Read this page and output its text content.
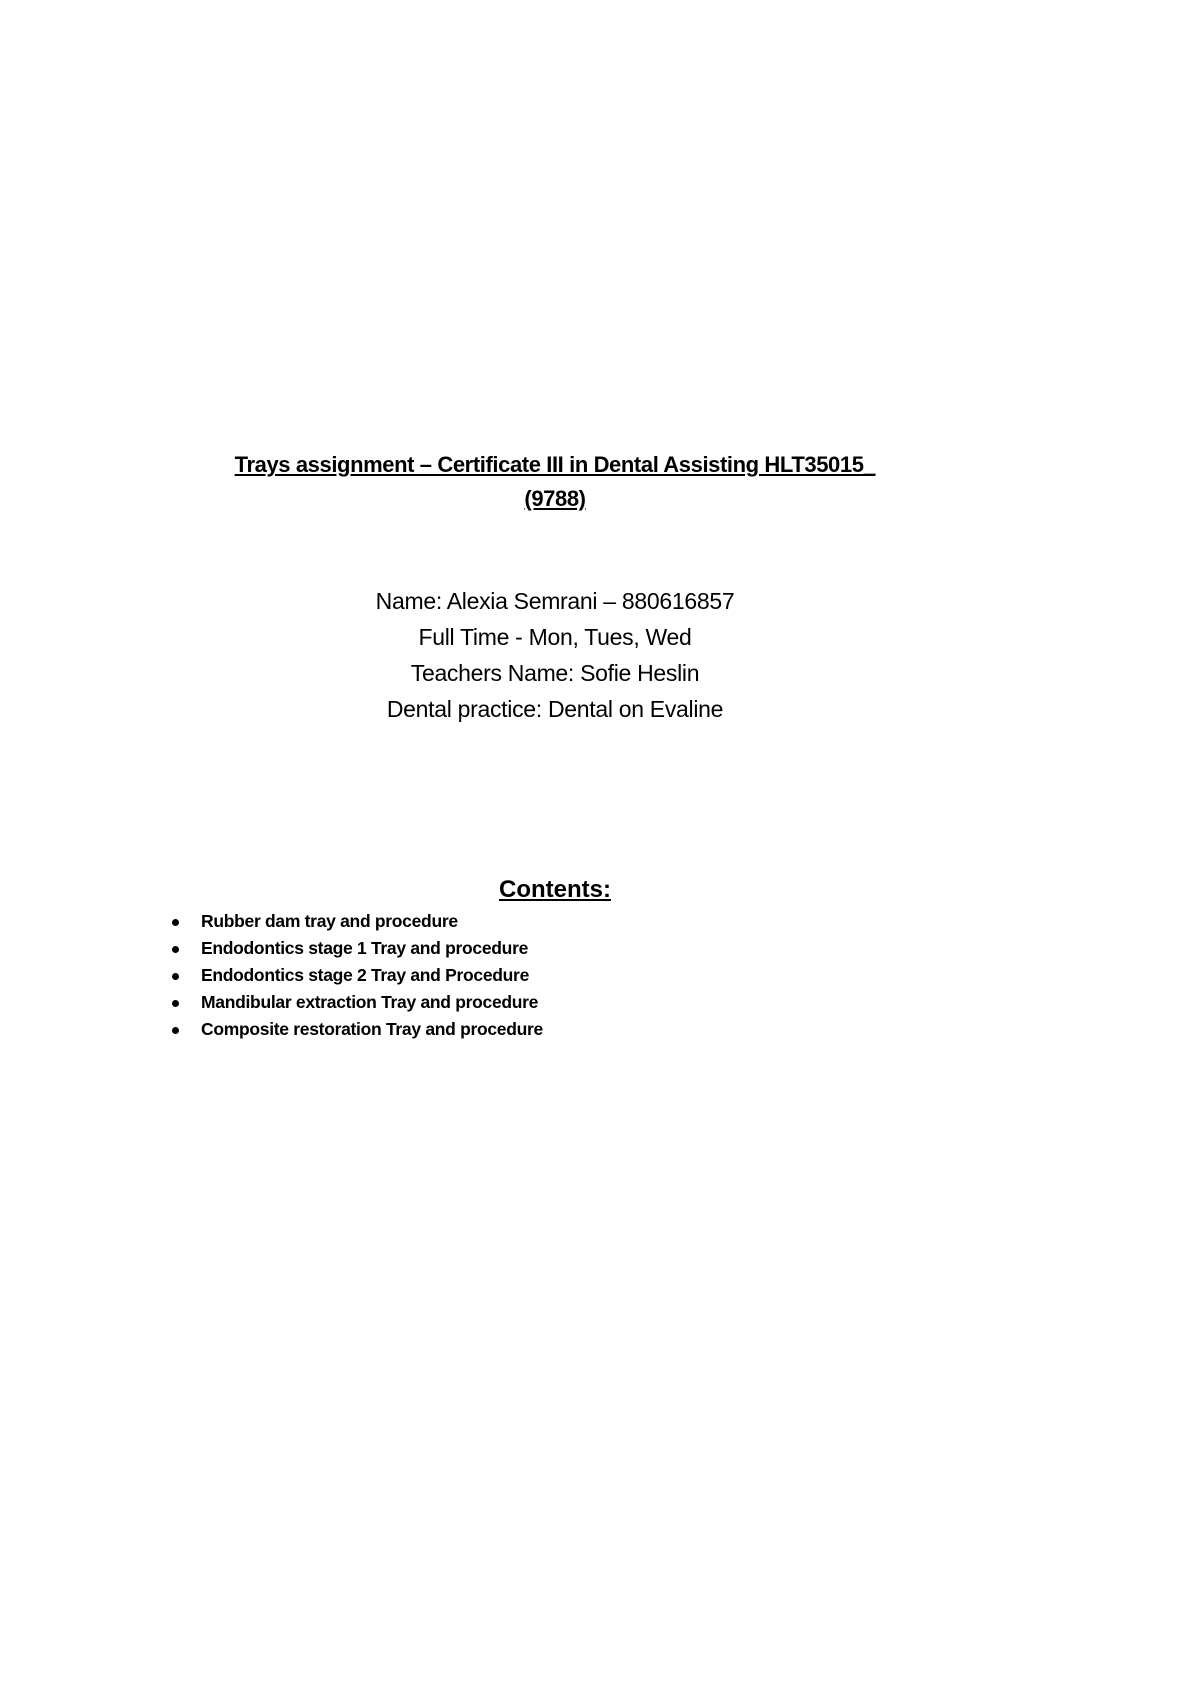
Trays assignment – Certificate III in Dental Assisting HLT35015_
(9788)
Name: Alexia Semrani – 880616857
Full Time - Mon, Tues, Wed
Teachers Name: Sofie Heslin
Dental practice: Dental on Evaline
Contents:
Rubber dam tray and procedure
Endodontics stage 1 Tray and procedure
Endodontics stage 2 Tray and Procedure
Mandibular extraction Tray and procedure
Composite restoration Tray and procedure
